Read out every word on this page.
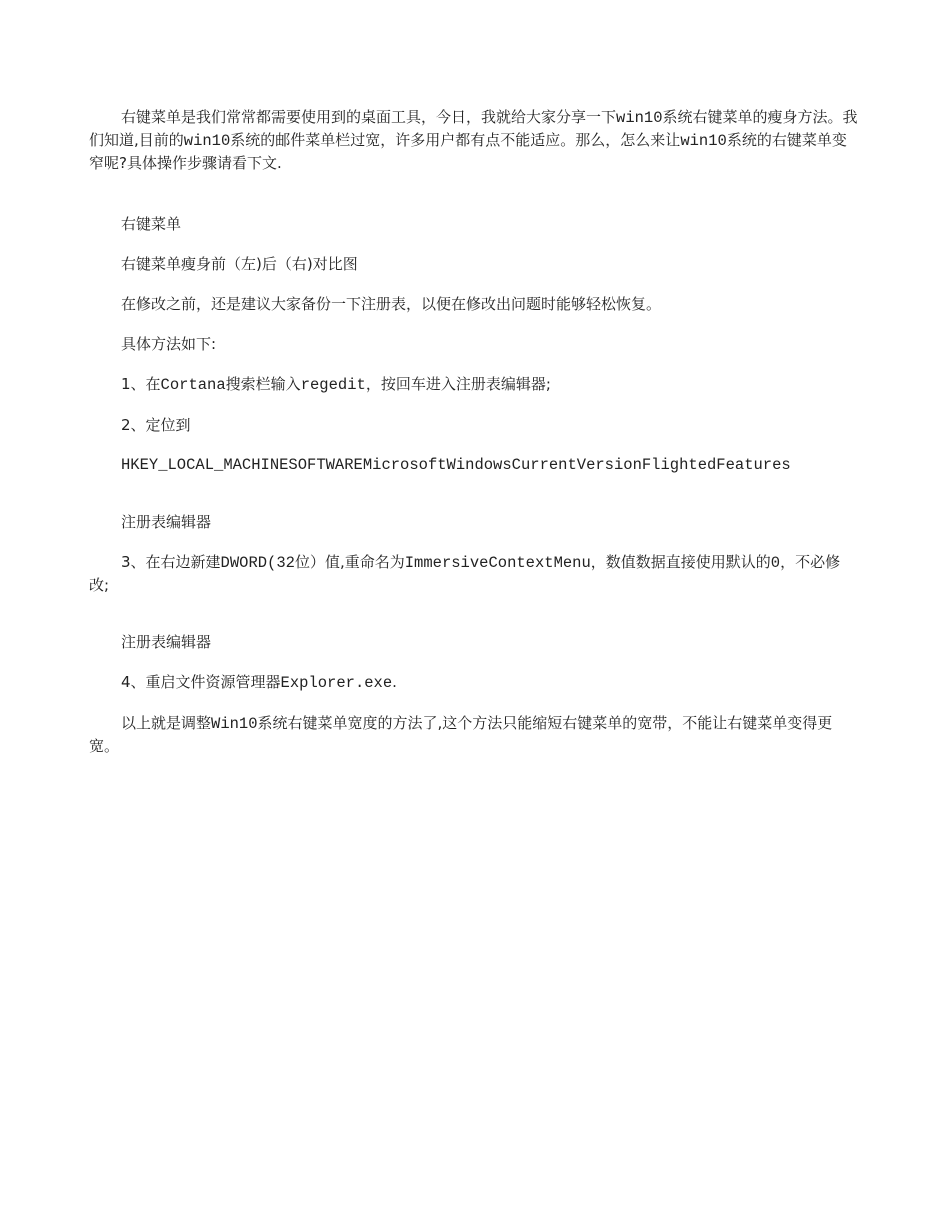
右键菜单是我们常常都需要使用到的桌面工具，今日，我就给大家分享一下win10系统右键菜单的瘦身方法。我们知道,目前的win10系统的邮件菜单栏过宽，许多用户都有点不能适应。那么，怎么来让win10系统的右键菜单变窄呢?具体操作步骤请看下文.

右键菜单

右键菜单瘦身前（左)后（右)对比图

在修改之前，还是建议大家备份一下注册表，以便在修改出问题时能够轻松恢复。

具体方法如下:

1、在Cortana搜索栏输入regedit，按回车进入注册表编辑器;

2、定位到

HKEY_LOCAL_MACHINESOFTWAREMicrosoftWindowsCurrentVersionFlightedFeatures

注册表编辑器

3、在右边新建DWORD(32位）值,重命名为ImmersiveContextMenu，数值数据直接使用默认的0，不必修改;

注册表编辑器

4、重启文件资源管理器Explorer.exe.

以上就是调整Win10系统右键菜单宽度的方法了,这个方法只能缩短右键菜单的宽带，不能让右键菜单变得更宽。
